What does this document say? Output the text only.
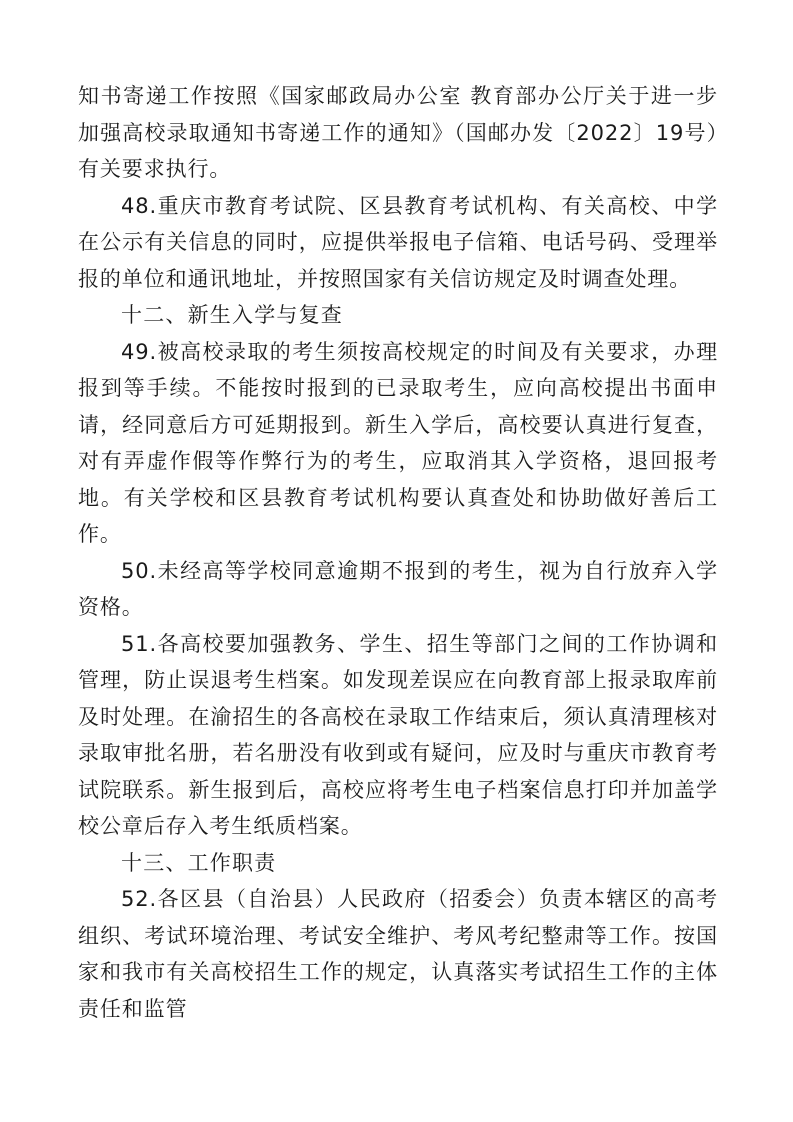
知书寄递工作按照《国家邮政局办公室 教育部办公厅关于进一步加强高校录取通知书寄递工作的通知》（国邮办发〔2022〕19号）有关要求执行。

48.重庆市教育考试院、区县教育考试机构、有关高校、中学在公示有关信息的同时，应提供举报电子信箱、电话号码、受理举报的单位和通讯地址，并按照国家有关信访规定及时调查处理。

十二、新生入学与复查

49.被高校录取的考生须按高校规定的时间及有关要求，办理报到等手续。不能按时报到的已录取考生，应向高校提出书面申请，经同意后方可延期报到。新生入学后，高校要认真进行复查，对有弄虚作假等作弊行为的考生，应取消其入学资格，退回报考地。有关学校和区县教育考试机构要认真查处和协助做好善后工作。

50.未经高等学校同意逾期不报到的考生，视为自行放弃入学资格。

51.各高校要加强教务、学生、招生等部门之间的工作协调和管理，防止误退考生档案。如发现差误应在向教育部上报录取库前及时处理。在渝招生的各高校在录取工作结束后，须认真清理核对录取审批名册，若名册没有收到或有疑问，应及时与重庆市教育考试院联系。新生报到后，高校应将考生电子档案信息打印并加盖学校公章后存入考生纸质档案。

十三、工作职责

52.各区县（自治县）人民政府（招委会）负责本辖区的高考组织、考试环境治理、考试安全维护、考风考纪整肃等工作。按国家和我市有关高校招生工作的规定，认真落实考试招生工作的主体责任和监管
